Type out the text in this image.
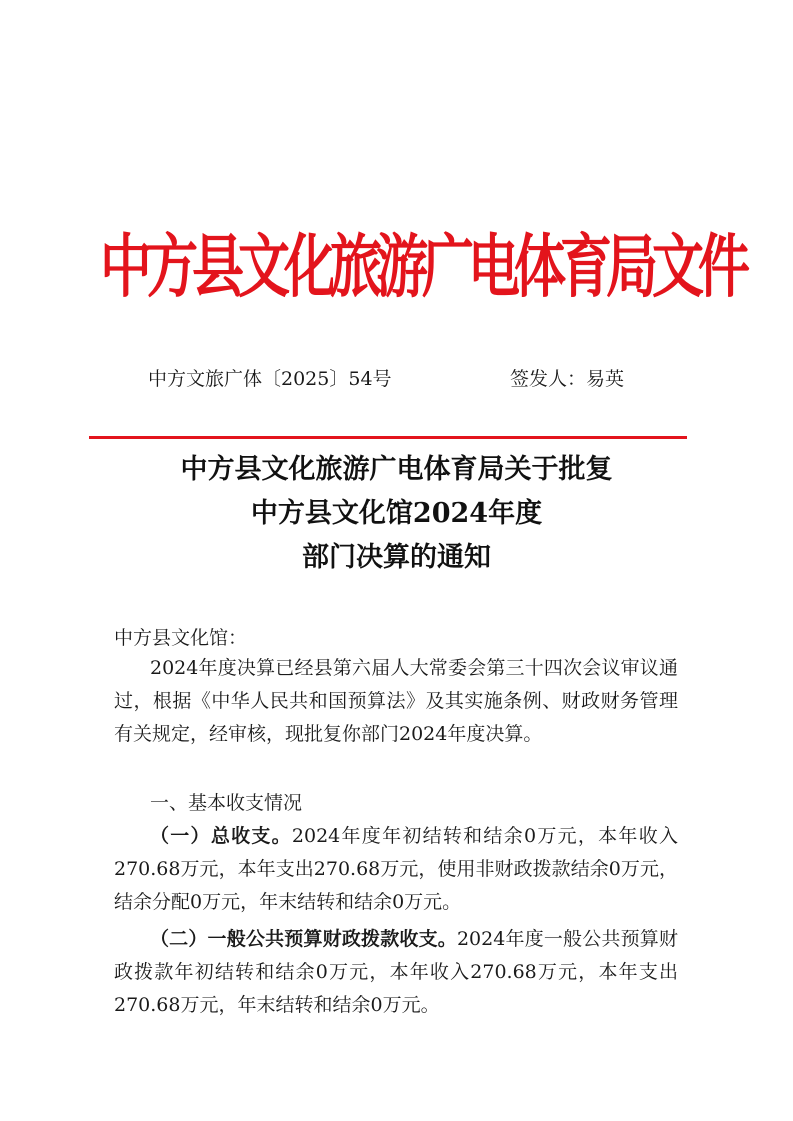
中方县文化旅游广电体育局文件
中方文旅广体〔2025〕54号	签发人：易英
中方县文化旅游广电体育局关于批复
中方县文化馆2024年度
部门决算的通知
中方县文化馆：

2024年度决算已经县第六届人大常委会第三十四次会议审议通过，根据《中华人民共和国预算法》及其实施条例、财政财务管理有关规定，经审核，现批复你部门2024年度决算。

一、基本收支情况

（一）总收支。2024年度年初结转和结余0万元，本年收入270.68万元，本年支出270.68万元，使用非财政拨款结余0万元，结余分配0万元，年末结转和结余0万元。

（二）一般公共预算财政拨款收支。2024年度一般公共预算财政拨款年初结转和结余0万元，本年收入270.68万元，本年支出270.68万元，年末结转和结余0万元。
